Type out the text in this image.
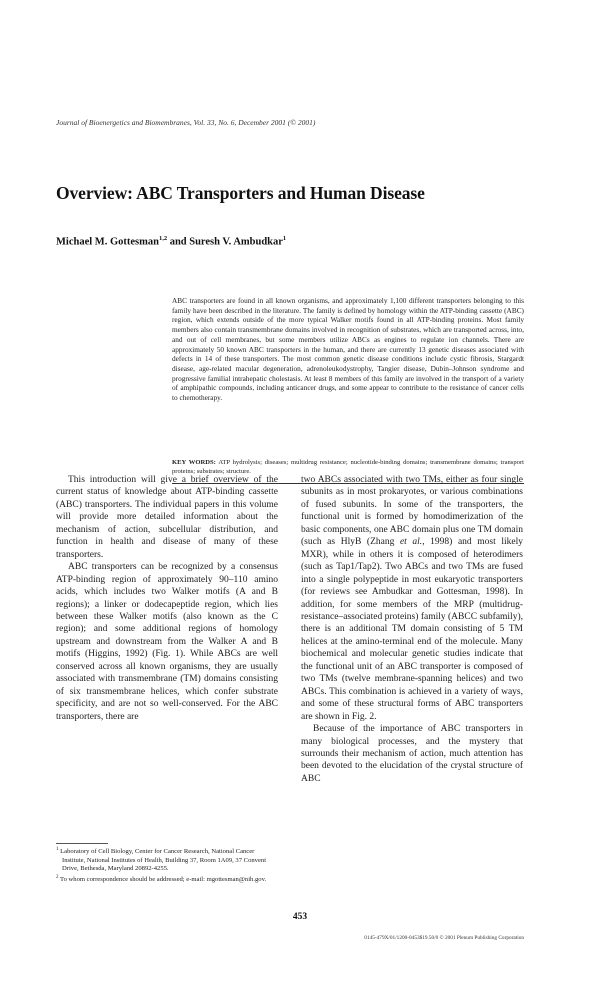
Journal of Bioenergetics and Biomembranes, Vol. 33, No. 6, December 2001 (© 2001)
Overview: ABC Transporters and Human Disease
Michael M. Gottesman$^{1,2}$ and Suresh V. Ambudkar$^1$

ABC transporters are found in all known organisms, and approximately 1,100 different transporters belonging to this family have been described in the literature. The family is defined by homology within the ATP-binding cassette (ABC) region, which extends outside of the more typical Walker motifs found in all ATP-binding proteins. Most family members also contain transmembrane domains involved in recognition of substrates, which are transported across, into, and out of cell membranes, but some members utilize ABCs as engines to regulate ion channels. There are approximately 50 known ABC transporters in the human, and there are currently 13 genetic diseases associated with defects in 14 of these transporters. The most common genetic disease conditions include cystic fibrosis, Stargardt disease, age-related macular degeneration, adrenoleukodystrophy, Tangier disease, Dubin–Johnson syndrome and progressive familial intrahepatic cholestasis. At least 8 members of this family are involved in the transport of a variety of amphipathic compounds, including anticancer drugs, and some appear to contribute to the resistance of cancer cells to chemotherapy.

KEY WORDS: ATP hydrolysis; diseases; multidrug resistance; nucleotide-binding domains; transmembrane domains; transport proteins; substrates; structure.

This introduction will give a brief overview of the current status of knowledge about ATP-binding cassette (ABC) transporters. The individual papers in this volume will provide more detailed information about the mechanism of action, subcellular distribution, and function in health and disease of many of these transporters.

ABC transporters can be recognized by a consensus ATP-binding region of approximately 90–110 amino acids, which includes two Walker motifs (A and B regions); a linker or dodecapeptide region, which lies between these Walker motifs (also known as the C region); and some additional regions of homology upstream and downstream from the Walker A and B motifs (Higgins, 1992) (Fig. 1). While ABCs are well conserved across all known organisms, they are usually associated with transmembrane (TM) domains consisting of six transmembrane helices, which confer substrate specificity, and are not so well-conserved. For the ABC transporters, there are

two ABCs associated with two TMs, either as four single subunits as in most prokaryotes, or various combinations of fused subunits. In some of the transporters, the functional unit is formed by homodimerization of the basic components, one ABC domain plus one TM domain (such as HlyB (Zhang et al., 1998) and most likely MXR), while in others it is composed of heterodimers (such as Tap1/Tap2). Two ABCs and two TMs are fused into a single polypeptide in most eukaryotic transporters (for reviews see Ambudkar and Gottesman, 1998). In addition, for some members of the MRP (multidrug-resistance–associated proteins) family (ABCC subfamily), there is an additional TM domain consisting of 5 TM helices at the amino-terminal end of the molecule. Many biochemical and molecular genetic studies indicate that the functional unit of an ABC transporter is composed of two TMs (twelve membrane-spanning helices) and two ABCs. This combination is achieved in a variety of ways, and some of these structural forms of ABC transporters are shown in Fig. 2.

Because of the importance of ABC transporters in many biological processes, and the mystery that surrounds their mechanism of action, much attention has been devoted to the elucidation of the crystal structure of ABC

$^1$ Laboratory of Cell Biology, Center for Cancer Research, National Cancer Institute, National Institutes of Health, Building 37, Room 1A09, 37 Convent Drive, Bethesda, Maryland 20892-4255.

$^2$ To whom correspondence should be addressed; e-mail: mgottesman@nih.gov.

453
0145-479X/01/1200-0453$19.50/0 © 2001 Plenum Publishing Corporation
